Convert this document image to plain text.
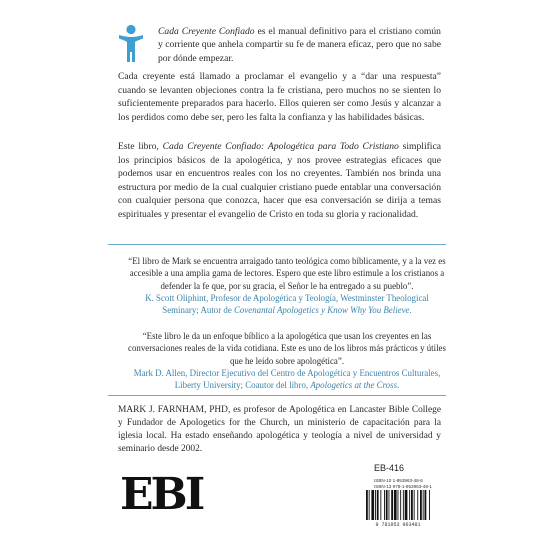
Cada Creyente Confiado es el manual definitivo para el cristiano común y corriente que anhela compartir su fe de manera eficaz, pero que no sabe por dónde empezar.

Cada creyente está llamado a proclamar el evangelio y a “dar una respuesta” cuando se levanten objeciones contra la fe cristiana, pero muchos no se sienten lo suficientemente preparados para hacerlo. Ellos quieren ser como Jesús y alcanzar a los perdidos como debe ser, pero les falta la confianza y las habilidades básicas.

Este libro, Cada Creyente Confiado: Apologética para Todo Cristiano simplifica los principios básicos de la apologética, y nos provee estrategias eficaces que podemos usar en encuentros reales con los no creyentes. También nos brinda una estructura por medio de la cual cualquier cristiano puede entablar una conversación con cualquier persona que conozca, hacer que esa conversación se dirija a temas espirituales y presentar el evangelio de Cristo en toda su gloria y racionalidad.

“El libro de Mark se encuentra arraigado tanto teológica como bíblicamente, y a la vez es accesible a una amplia gama de lectores. Espero que este libro estimule a los cristianos a defender la fe que, por su gracia, el Señor le ha entregado a su pueblo”.
K. Scott Oliphint, Profesor de Apologética y Teología, Westminster Theological Seminary; Autor de Covenantal Apologetics y Know Why You Believe.

“Este libro le da un enfoque bíblico a la apologética que usan los creyentes en las conversaciones reales de la vida cotidiana. Este es uno de los libros más prácticos y útiles que he leído sobre apologética”.
Mark D. Allen, Director Ejecutivo del Centro de Apologética y Encuentros Culturales, Liberty University; Coautor del libro, Apologetics at the Cross.

MARK J. FARNHAM, PHD, es profesor de Apologética en Lancaster Bible College y Fundador de Apologetics for the Church, un ministerio de capacitación para la iglesia local. Ha estado enseñando apologética y teología a nivel de universidad y seminario desde 2002.

EBI
EB-416

ISBN-10 1-953963-48-6

ISBN-13 978-1-953963-48-1

9 781953 963481
